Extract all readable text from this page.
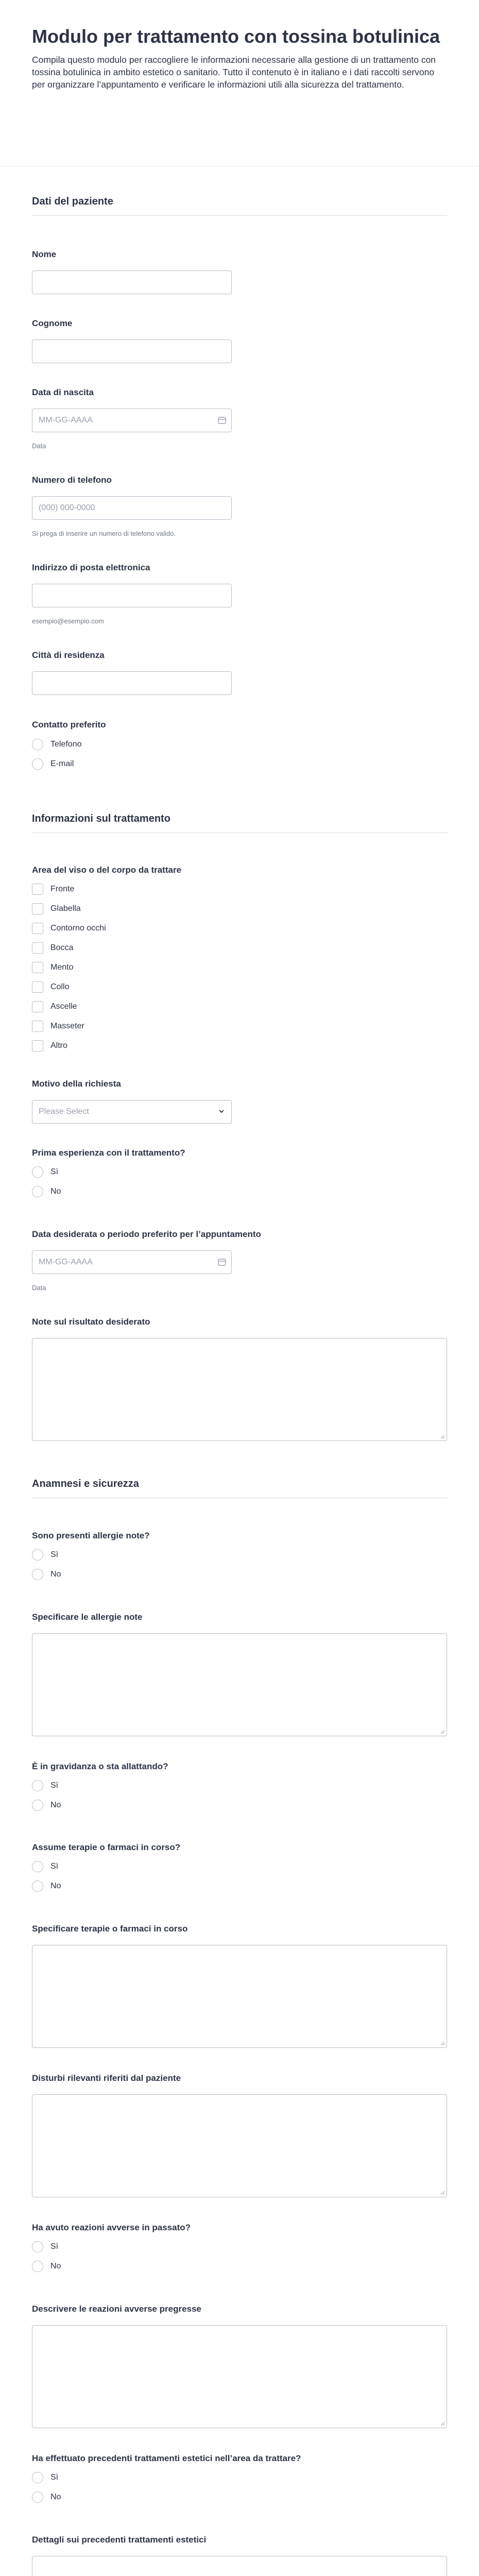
Modulo per trattamento con tossina botulinica

Compila questo modulo per raccogliere le informazioni necessarie alla gestione di un trattamento con tossina botulinica in ambito estetico o sanitario. Tutto il contenuto è in italiano e i dati raccolti servono per organizzare l’appuntamento e verificare le informazioni utili alla sicurezza del trattamento.

Dati del paziente
Nome
Cognome
Data di nascita
MM-GG-AAAA
Data
Numero di telefono
(000) 000-0000
Si prega di inserire un numero di telefono valido.
Indirizzo di posta elettronica
esempio@esempio.com
Città di residenza
Contatto preferito
Telefono
E-mail
Informazioni sul trattamento
Area del viso o del corpo da trattare
Fronte
Glabella
Contorno occhi
Bocca
Mento
Collo
Ascelle
Masseter
Altro
Motivo della richiesta
Please Select
Prima esperienza con il trattamento?
Sì
No
Data desiderata o periodo preferito per l’appuntamento
MM-GG-AAAA
Data
Note sul risultato desiderato
Anamnesi e sicurezza
Sono presenti allergie note?
Sì
No
Specificare le allergie note
È in gravidanza o sta allattando?
Sì
No
Assume terapie o farmaci in corso?
Sì
No
Specificare terapie o farmaci in corso
Disturbi rilevanti riferiti dal paziente
Ha avuto reazioni avverse in passato?
Sì
No
Descrivere le reazioni avverse pregresse
Ha effettuato precedenti trattamenti estetici nell’area da trattare?
Sì
No
Dettagli sui precedenti trattamenti estetici
